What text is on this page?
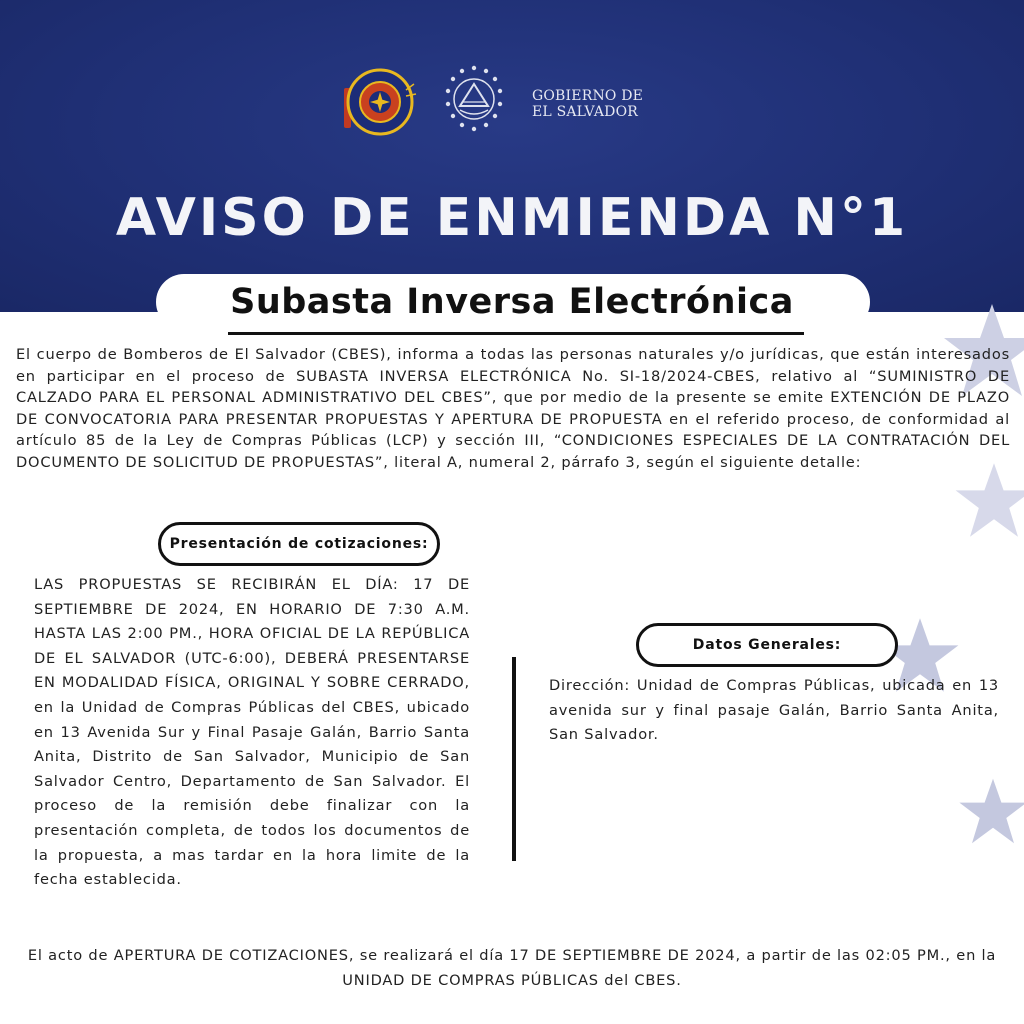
GOBIERNO DE
EL SALVADOR
AVISO DE ENMIENDA N°1
Subasta Inversa Electrónica
El cuerpo de Bomberos de El Salvador (CBES), informa a todas las personas naturales y/o jurídicas, que están interesados en participar en el proceso de SUBASTA INVERSA ELECTRÓNICA No. SI-18/2024-CBES, relativo al “SUMINISTRO DE CALZADO PARA EL PERSONAL ADMINISTRATIVO DEL CBES”, que por medio de la presente se emite EXTENCIÓN DE PLAZO DE CONVOCATORIA PARA PRESENTAR PROPUESTAS Y APERTURA DE PROPUESTA en el referido proceso, de conformidad al artículo 85 de la Ley de Compras Públicas (LCP) y sección III, “CONDICIONES ESPECIALES DE LA CONTRATACIÓN DEL DOCUMENTO DE SOLICITUD DE PROPUESTAS”, literal A, numeral 2, párrafo 3, según el siguiente detalle:
Presentación de cotizaciones:
LAS PROPUESTAS SE RECIBIRÁN EL DÍA: 17 DE SEPTIEMBRE DE 2024, EN HORARIO DE 7:30 A.M. HASTA LAS 2:00 PM., HORA OFICIAL DE LA REPÚBLICA DE EL SALVADOR (UTC-6:00), DEBERÁ PRESENTARSE EN MODALIDAD FÍSICA, ORIGINAL Y SOBRE CERRADO, en la Unidad de Compras Públicas del CBES, ubicado en 13 Avenida Sur y Final Pasaje Galán, Barrio Santa Anita, Distrito de San Salvador, Municipio de San Salvador Centro, Departamento de San Salvador. El proceso de la remisión debe finalizar con la presentación completa, de todos los documentos de la propuesta, a mas tardar en la hora limite de la fecha establecida.
Datos Generales:
Dirección: Unidad de Compras Públicas, ubicada en 13 avenida sur y final pasaje Galán, Barrio Santa Anita, San Salvador.
El acto de APERTURA DE COTIZACIONES, se realizará el día 17 DE SEPTIEMBRE DE 2024, a partir de las 02:05 PM., en la UNIDAD DE COMPRAS PÚBLICAS del CBES.
